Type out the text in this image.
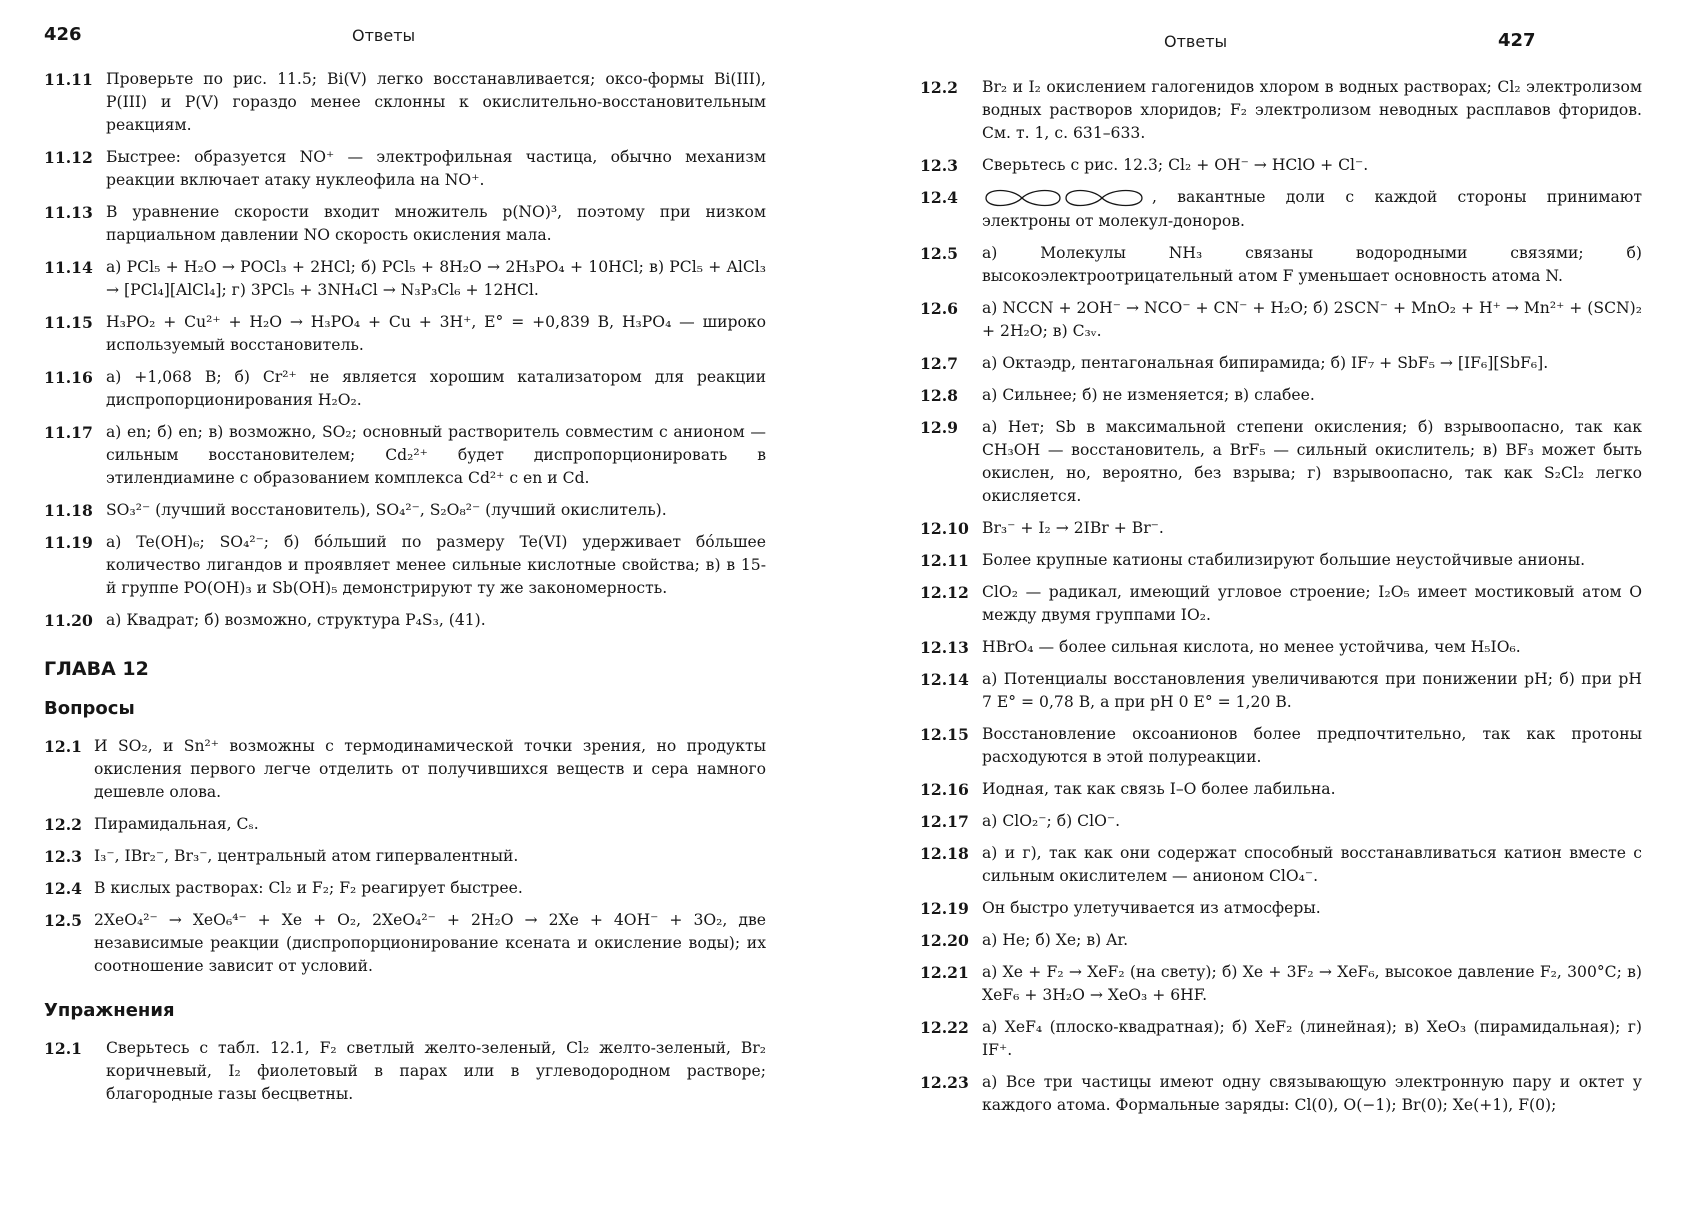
426	Ответы
11.11 Проверьте по рис. 11.5; Bi(V) легко восстанавливается; оксо-формы Bi(III), P(III) и P(V) гораздо менее склонны к окислительно-восстановительным реакциям.
11.12 Быстрее: образуется NO⁺ — электрофильная частица, обычно механизм реакции включает атаку нуклеофила на NO⁺.
11.13 В уравнение скорости входит множитель p(NO)³, поэтому при низком парциальном давлении NO скорость окисления мала.
11.14 а) PCl₅ + H₂O → POCl₃ + 2HCl; б) PCl₅ + 8H₂O → 2H₃PO₄ + 10HCl; в) PCl₅ + AlCl₃ → [PCl₄][AlCl₄]; г) 3PCl₅ + 3NH₄Cl → N₃P₃Cl₆ + 12HCl.
11.15 H₃PO₂ + Cu²⁺ + H₂O → H₃PO₄ + Cu + 3H⁺, E° = +0,839 В, H₃PO₄ — широко используемый восстановитель.
11.16 а) +1,068 В; б) Cr²⁺ не является хорошим катализатором для реакции диспропорционирования H₂O₂.
11.17 а) en; б) en; в) возможно, SO₂; основный растворитель совместим с анионом — сильным восстановителем; Cd₂²⁺ будет диспропорционировать в этилендиамине с образованием комплекса Cd²⁺ с en и Cd.
11.18 SO₃²⁻ (лучший восстановитель), SO₄²⁻, S₂O₈²⁻ (лучший окислитель).
11.19 а) Te(OH)₆; SO₄²⁻; б) бо́льший по размеру Te(VI) удерживает бо́льшее количество лигандов и проявляет менее сильные кислотные свойства; в) в 15-й группе PO(OH)₃ и Sb(OH)₅ демонстрируют ту же закономерность.
11.20 а) Квадрат; б) возможно, структура P₄S₃, (41).
ГЛАВА 12
Вопросы
12.1 И SO₂, и Sn²⁺ возможны с термодинамической точки зрения, но продукты окисления первого легче отделить от получившихся веществ и сера намного дешевле олова.
12.2 Пирамидальная, Cₛ.
12.3 I₃⁻, IBr₂⁻, Br₃⁻, центральный атом гипервалентный.
12.4 В кислых растворах: Cl₂ и F₂; F₂ реагирует быстрее.
12.5 2XeO₄²⁻ → XeO₆⁴⁻ + Xe + O₂, 2XeO₄²⁻ + 2H₂O → 2Xe + 4OH⁻ + 3O₂, две независимые реакции (диспропорционирование ксената и окисление воды); их соотношение зависит от условий.
Упражнения
12.1	Сверьтесь с табл. 12.1, F₂ светлый желто-зеленый, Cl₂ желто-зеленый, Br₂ коричневый, I₂ фиолетовый в парах или в углеводородном растворе; благородные газы бесцветны.
Ответы	427
12.2	Br₂ и I₂ окислением галогенидов хлором в водных растворах; Cl₂ электролизом водных растворов хлоридов; F₂ электролизом неводных расплавов фторидов. См. т. 1, с. 631–633.
12.3	Сверьтесь с рис. 12.3; Cl₂ + OH⁻ → HClO + Cl⁻.
12.4	, вакантные доли с каждой стороны принимают электроны от молекул-доноров.
12.5	а) Молекулы NH₃ связаны водородными связями; б) высокоэлектроотрицательный атом F уменьшает основность атома N.
12.6	а) NCCN + 2OH⁻ → NCO⁻ + CN⁻ + H₂O; б) 2SCN⁻ + MnO₂ + H⁺ → Mn²⁺ + (SCN)₂ + 2H₂O; в) C₃ᵥ.
12.7	а) Октаэдр, пентагональная бипирамида; б) IF₇ + SbF₅ → [IF₆][SbF₆].
12.8	а) Сильнее; б) не изменяется; в) слабее.
12.9	а) Нет; Sb в максимальной степени окисления; б) взрывоопасно, так как CH₃OH — восстановитель, а BrF₅ — сильный окислитель; в) BF₃ может быть окислен, но, вероятно, без взрыва; г) взрывоопасно, так как S₂Cl₂ легко окисляется.
12.10 Br₃⁻ + I₂ → 2IBr + Br⁻.
12.11 Более крупные катионы стабилизируют большие неустойчивые анионы.
12.12 ClO₂ — радикал, имеющий угловое строение; I₂O₅ имеет мостиковый атом O между двумя группами IO₂.
12.13 HBrO₄ — более сильная кислота, но менее устойчива, чем H₅IO₆.
12.14 а) Потенциалы восстановления увеличиваются при понижении pH; б) при pH 7 E° = 0,78 В, а при pH 0 E° = 1,20 В.
12.15 Восстановление оксоанионов более предпочтительно, так как протоны расходуются в этой полуреакции.
12.16 Иодная, так как связь I–O более лабильна.
12.17 а) ClO₂⁻; б) ClO⁻.
12.18 а) и г), так как они содержат способный восстанавливаться катион вместе с сильным окислителем — анионом ClO₄⁻.
12.19 Он быстро улетучивается из атмосферы.
12.20 а) He; б) Xe; в) Ar.
12.21 а) Xe + F₂ → XeF₂ (на свету); б) Xe + 3F₂ → XeF₆, высокое давление F₂, 300°C; в) XeF₆ + 3H₂O → XeO₃ + 6HF.
12.22 а) XeF₄ (плоско-квадратная); б) XeF₂ (линейная); в) XeO₃ (пирамидальная); г) IF⁺.
12.23 а) Все три частицы имеют одну связывающую электронную пару и октет у каждого атома. Формальные заряды: Cl(0), O(−1); Br(0); Xe(+1), F(0);
